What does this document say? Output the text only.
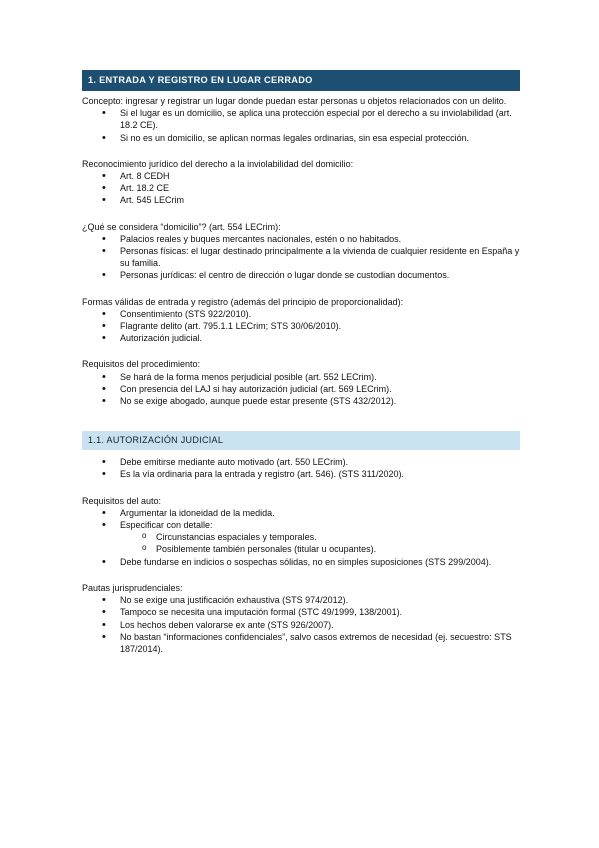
1. ENTRADA Y REGISTRO EN LUGAR CERRADO

Concepto: ingresar y registrar un lugar donde puedan estar personas u objetos relacionados con un delito.

• Si el lugar es un domicilio, se aplica una protección especial por el derecho a su inviolabilidad (art. 18.2 CE).
• Si no es un domicilio, se aplican normas legales ordinarias, sin esa especial protección.

Reconocimiento jurídico del derecho a la inviolabilidad del domicilio:

• Art. 8 CEDH
• Art. 18.2 CE
• Art. 545 LECrim

¿Qué se considera “domicilio”? (art. 554 LECrim):

• Palacios reales y buques mercantes nacionales, estén o no habitados.
• Personas físicas: el lugar destinado principalmente a la vivienda de cualquier residente en España y su familia.
• Personas jurídicas: el centro de dirección o lugar donde se custodian documentos.

Formas válidas de entrada y registro (además del principio de proporcionalidad):

• Consentimiento (STS 922/2010).
• Flagrante delito (art. 795.1.1 LECrim; STS 30/06/2010).
• Autorización judicial.

Requisitos del procedimiento:

• Se hará de la forma menos perjudicial posible (art. 552 LECrim).
• Con presencia del LAJ si hay autorización judicial (art. 569 LECrim).
• No se exige abogado, aunque puede estar presente (STS 432/2012).
1.1. AUTORIZACIÓN JUDICIAL
• Debe emitirse mediante auto motivado (art. 550 LECrim).
• Es la vía ordinaria para la entrada y registro (art. 546). (STS 311/2020).

Requisitos del auto:

• Argumentar la idoneidad de la medida.
• Especificar con detalle:
o Circunstancias espaciales y temporales.
o Posiblemente también personales (titular u ocupantes).
• Debe fundarse en indicios o sospechas sólidas, no en simples suposiciones (STS 299/2004).

Pautas jurisprudenciales:

• No se exige una justificación exhaustiva (STS 974/2012).
• Tampoco se necesita una imputación formal (STC 49/1999, 138/2001).
• Los hechos deben valorarse ex ante (STS 926/2007).
• No bastan “informaciones confidenciales”, salvo casos extremos de necesidad (ej. secuestro: STS 187/2014).
